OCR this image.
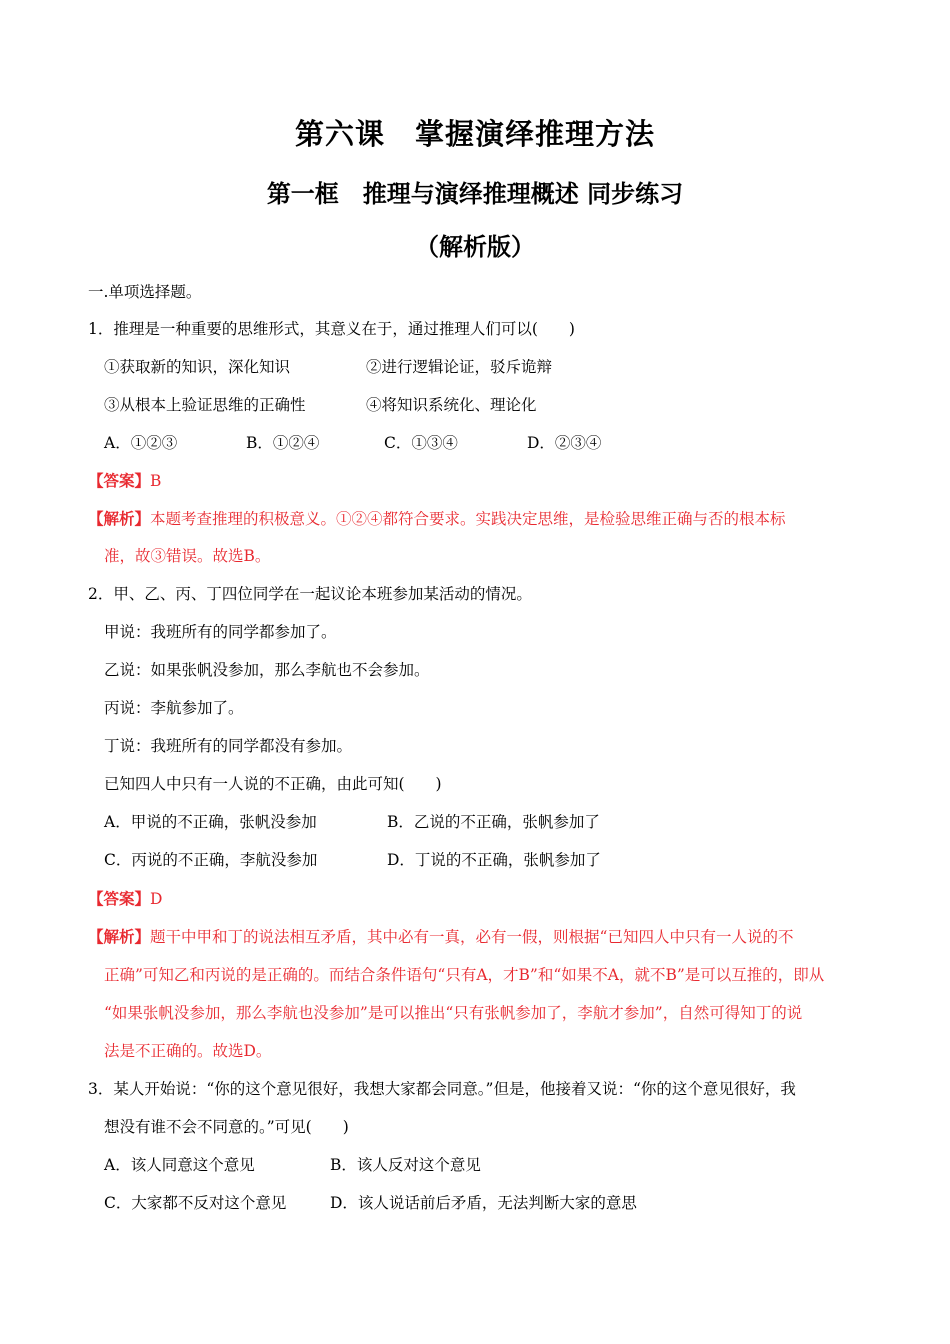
第六课　掌握演绎推理方法
第一框　推理与演绎推理概述 同步练习
（解析版）
一.单项选择题。
1．推理是一种重要的思维形式，其意义在于，通过推理人们可以(　　)
①获取新的知识，深化知识	②进行逻辑论证，驳斥诡辩
③从根本上验证思维的正确性	④将知识系统化、理论化
A．①②③	B．①②④	C．①③④	D．②③④
【答案】B
【解析】本题考查推理的积极意义。①②④都符合要求。实践决定思维，是检验思维正确与否的根本标
准，故③错误。故选B。
2．甲、乙、丙、丁四位同学在一起议论本班参加某活动的情况。
甲说：我班所有的同学都参加了。
乙说：如果张帆没参加，那么李航也不会参加。
丙说：李航参加了。
丁说：我班所有的同学都没有参加。
已知四人中只有一人说的不正确，由此可知(　　)
A．甲说的不正确，张帆没参加	B．乙说的不正确，张帆参加了
C．丙说的不正确，李航没参加	D．丁说的不正确，张帆参加了
【答案】D
【解析】题干中甲和丁的说法相互矛盾，其中必有一真，必有一假，则根据“已知四人中只有一人说的不
正确”可知乙和丙说的是正确的。而结合条件语句“只有A，才B”和“如果不A，就不B”是可以互推的，即从
“如果张帆没参加，那么李航也没参加”是可以推出“只有张帆参加了，李航才参加”，自然可得知丁的说
法是不正确的。故选D。
3．某人开始说：“你的这个意见很好，我想大家都会同意。”但是，他接着又说：“你的这个意见很好，我
想没有谁不会不同意的。”可见(　　)
A．该人同意这个意见	B．该人反对这个意见
C．大家都不反对这个意见	D．该人说话前后矛盾，无法判断大家的意思
